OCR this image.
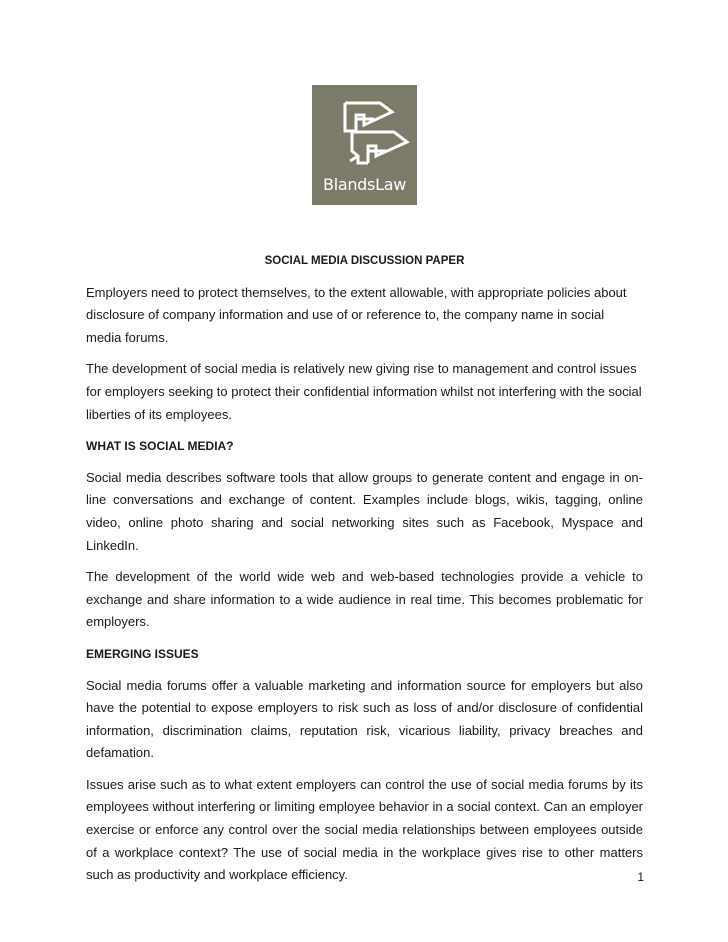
BlandsLaw
SOCIAL MEDIA DISCUSSION PAPER

Employers need to protect themselves, to the extent allowable, with appropriate policies about disclosure of company information and use of or reference to, the company name in social media forums.

The development of social media is relatively new giving rise to management and control issues for employers seeking to protect their confidential information whilst not interfering with the social liberties of its employees.

WHAT IS SOCIAL MEDIA?

Social media describes software tools that allow groups to generate content and engage in on-line conversations and exchange of content. Examples include blogs, wikis, tagging, online video, online photo sharing and social networking sites such as Facebook, Myspace and LinkedIn.

The development of the world wide web and web-based technologies provide a vehicle to exchange and share information to a wide audience in real time. This becomes problematic for employers.

EMERGING ISSUES

Social media forums offer a valuable marketing and information source for employers but also have the potential to expose employers to risk such as loss of and/or disclosure of confidential information, discrimination claims, reputation risk, vicarious liability, privacy breaches and defamation.

Issues arise such as to what extent employers can control the use of social media forums by its employees without interfering or limiting employee behavior in a social context. Can an employer exercise or enforce any control over the social media relationships between employees outside of a workplace context? The use of social media in the workplace gives rise to other matters such as productivity and workplace efficiency.	1
